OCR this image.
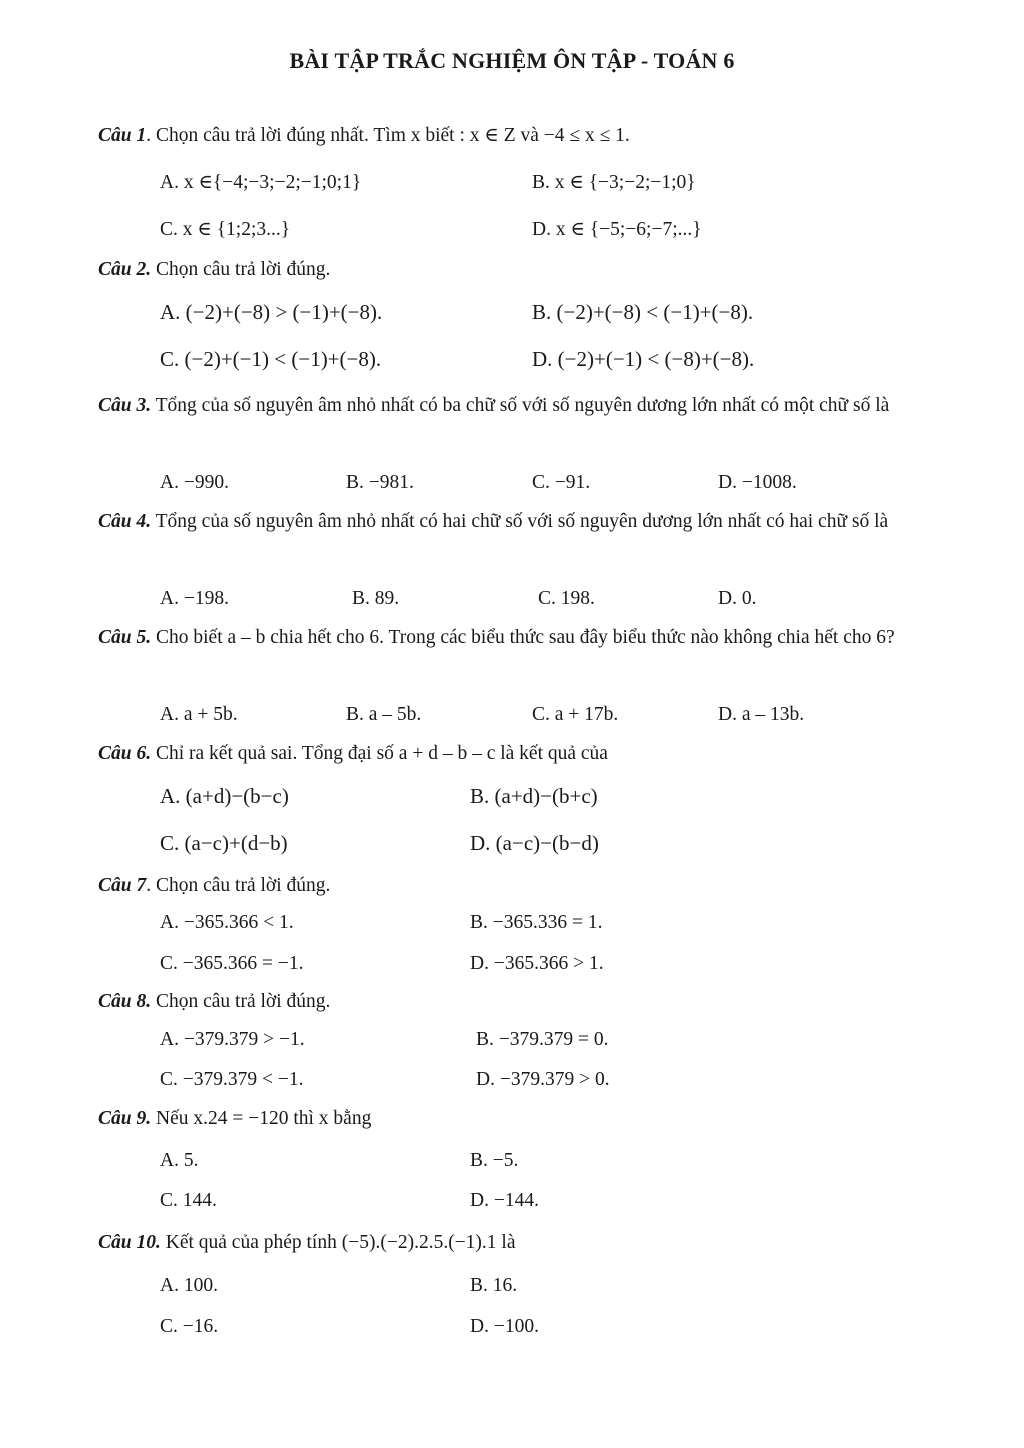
BÀI TẬP TRẮC NGHIỆM ÔN TẬP - TOÁN 6
Câu 1. Chọn câu trả lời đúng nhất. Tìm x biết : x ∈ Z và −4 ≤ x ≤ 1.
A. x ∈{−4;−3;−2;−1;0;1}	B. x ∈ {−3;−2;−1;0}
C. x ∈ {1;2;3...}	D. x ∈ {−5;−6;−7;...}
Câu 2. Chọn câu trả lời đúng.
A. (−2)+(−8) > (−1)+(−8).	B. (−2)+(−8) < (−1)+(−8).
C. (−2)+(−1) < (−1)+(−8).	D. (−2)+(−1) < (−8)+(−8).
Câu 3. Tổng của số nguyên âm nhỏ nhất có ba chữ số với số nguyên dương lớn nhất có một chữ số là
A. −990.	B. −981.	C. −91.	D. −1008.
Câu 4. Tổng của số nguyên âm nhỏ nhất có hai chữ số với số nguyên dương lớn nhất có hai chữ số là
A. −198.	B. 89.	C. 198.	D. 0.
Câu 5. Cho biết a – b chia hết cho 6. Trong các biểu thức sau đây biểu thức nào không chia hết cho 6?
A. a + 5b.	B. a – 5b.	C. a + 17b.	D. a – 13b.
Câu 6. Chỉ ra kết quả sai. Tổng đại số a + d – b – c là kết quả của
A. (a+d)−(b−c)	B. (a+d)−(b+c)
C. (a−c)+(d−b)	D. (a−c)−(b−d)
Câu 7. Chọn câu trả lời đúng.
A. −365.366 < 1.	B. −365.336 = 1.
C. −365.366 = −1.	D. −365.366 > 1.
Câu 8. Chọn câu trả lời đúng.
A. −379.379 > −1.	B. −379.379 = 0.
C. −379.379 < −1.	D. −379.379 > 0.
Câu 9. Nếu x.24 = −120 thì x bằng
A. 5.	B. −5.
C. 144.	D. −144.
Câu 10. Kết quả của phép tính (−5).(−2).2.5.(−1).1 là
A. 100.	B. 16.
C. −16.	D. −100.
